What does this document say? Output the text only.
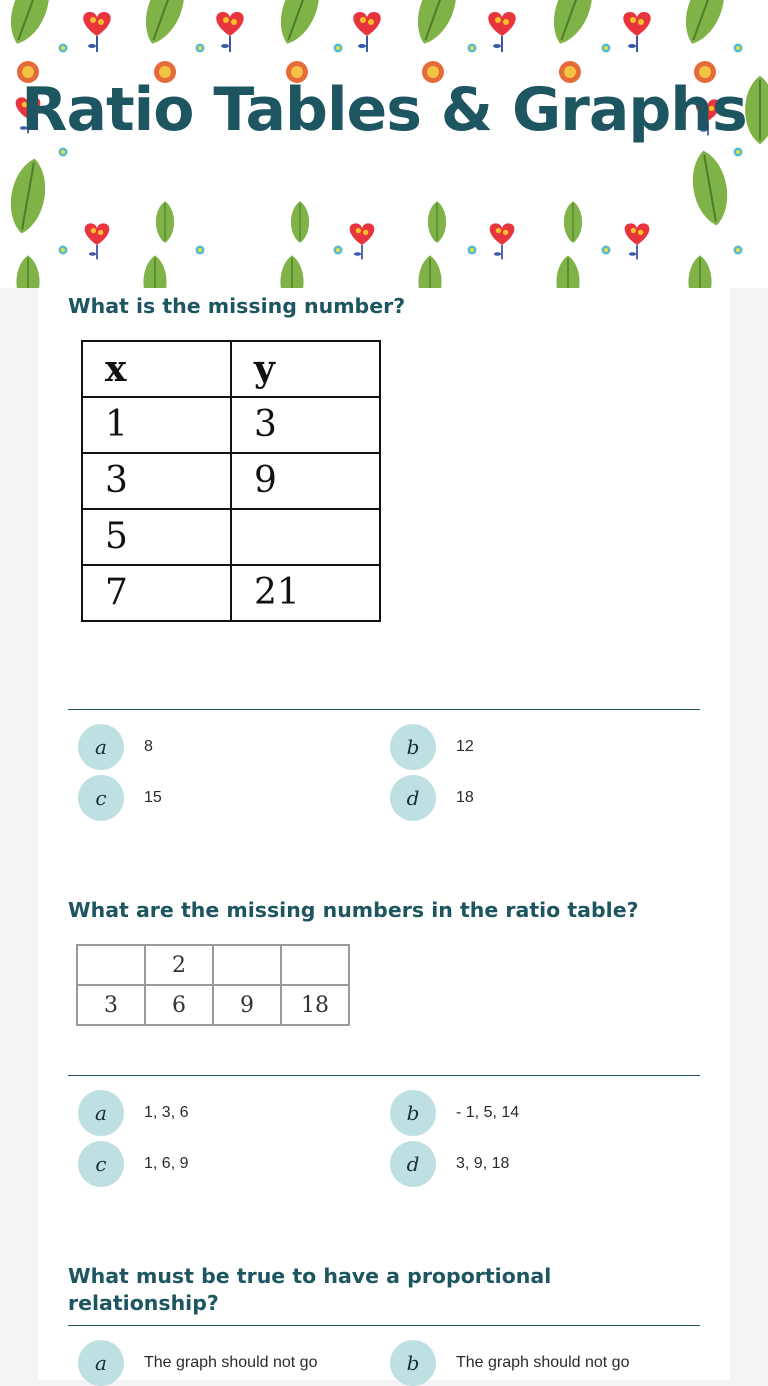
Ratio Tables & Graphs
What is the missing number?
x	y
1	3
3	9
5	
7	21
a	8	b	12
c	15	d	18
What are the missing numbers in the ratio table?
	2		
3	6	9	18
a	1, 3, 6	b	- 1, 5, 14
c	1, 6, 9	d	3, 9, 18
What must be true to have a proportional relationship?
a	The graph should not go	b	The graph should not go
